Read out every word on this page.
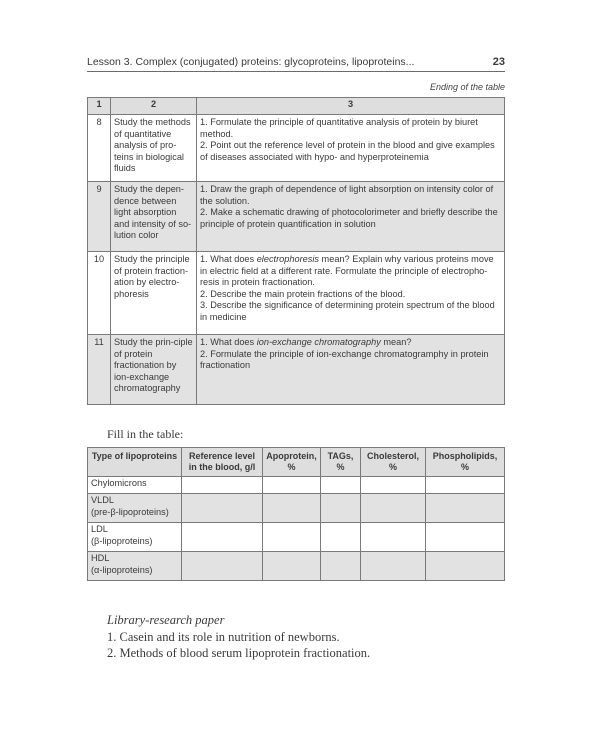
Lesson 3. Complex (conjugated) proteins: glycoproteins, lipoproteins...	23
Ending of the table
1	2	3
8	Study the methods of quantitative analysis of pro-teins in biological fluids	1. Formulate the principle of quantitative analysis of protein by biuret method.
2. Point out the reference level of protein in the blood and give examples of diseases associated with hypo- and hyperproteinemia

9	Study the depen-dence between light absorption and intensity of so-lution color	1. Draw the graph of dependence of light absorption on intensity color of the solution.
2. Make a schematic drawing of photocolorimeter and briefly describe the principle of protein quantification in solution

10	Study the principle of protein fraction-ation by electro-phoresis	1. What does electrophoresis mean? Explain why various proteins move in electric field at a different rate. Formulate the principle of electropho-resis in protein fractionation.
2. Describe the main protein fractions of the blood.
3. Describe the significance of determining protein spectrum of the blood in medicine

11	Study the prin-ciple of protein fractionation by ion-exchange chromatography	1. What does ion-exchange chromatography mean?
2. Formulate the principle of ion-exchange chromatogramphy in protein fractionation
Fill in the table:
Type of lipoproteins	Reference level in the blood, g/l	Apoprotein, %	TAGs, %	Cholesterol, %	Phospholipids, %

Chylomicrons					

VLDL
(pre-β-lipoproteins)					

LDL
(β-lipoproteins)					

HDL
(α-lipoproteins)					

Library-research paper
1. Casein and its role in nutrition of newborns.
2. Methods of blood serum lipoprotein fractionation.
